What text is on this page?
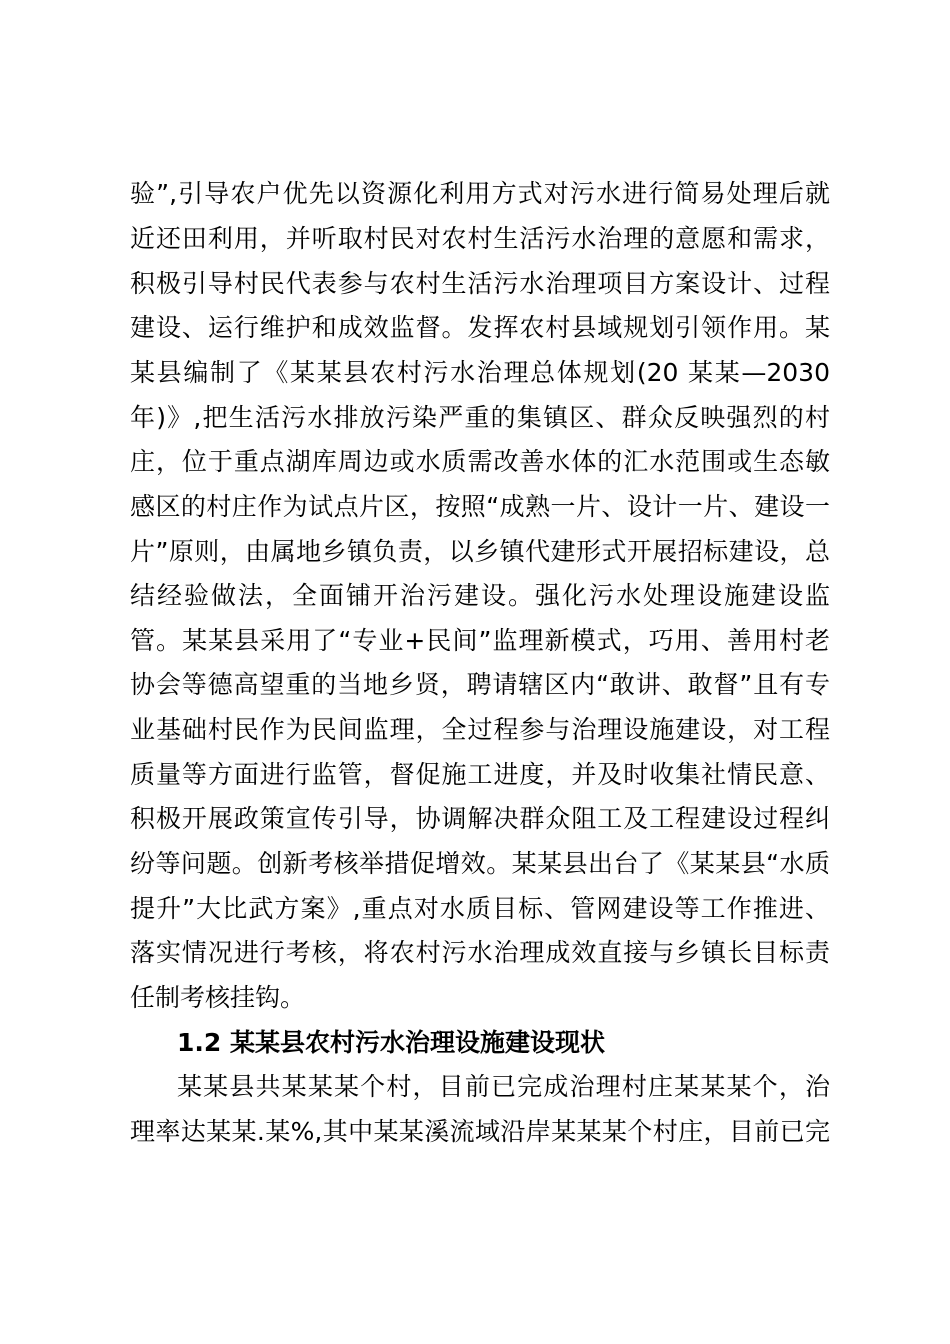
验”,引导农户优先以资源化利用方式对污水进行简易处理后就
近还田利用，并听取村民对农村生活污水治理的意愿和需求，
积极引导村民代表参与农村生活污水治理项目方案设计、过程
建设、运行维护和成效监督。发挥农村县域规划引领作用。某
某县编制了《某某县农村污水治理总体规划(20 某某—2030
年)》,把生活污水排放污染严重的集镇区、群众反映强烈的村
庄，位于重点湖库周边或水质需改善水体的汇水范围或生态敏
感区的村庄作为试点片区，按照“成熟一片、设计一片、建设一
片”原则，由属地乡镇负责，以乡镇代建形式开展招标建设，总
结经验做法，全面铺开治污建设。强化污水处理设施建设监
管。某某县采用了“专业+民间”监理新模式，巧用、善用村老
协会等德高望重的当地乡贤，聘请辖区内“敢讲、敢督”且有专
业基础村民作为民间监理，全过程参与治理设施建设，对工程
质量等方面进行监管，督促施工进度，并及时收集社情民意、
积极开展政策宣传引导，协调解决群众阻工及工程建设过程纠
纷等问题。创新考核举措促增效。某某县出台了《某某县“水质
提升”大比武方案》,重点对水质目标、管网建设等工作推进、
落实情况进行考核，将农村污水治理成效直接与乡镇长目标责
任制考核挂钩。
1.2 某某县农村污水治理设施建设现状
某某县共某某某个村，目前已完成治理村庄某某某个，治
理率达某某.某%,其中某某溪流域沿岸某某某个村庄，目前已完
